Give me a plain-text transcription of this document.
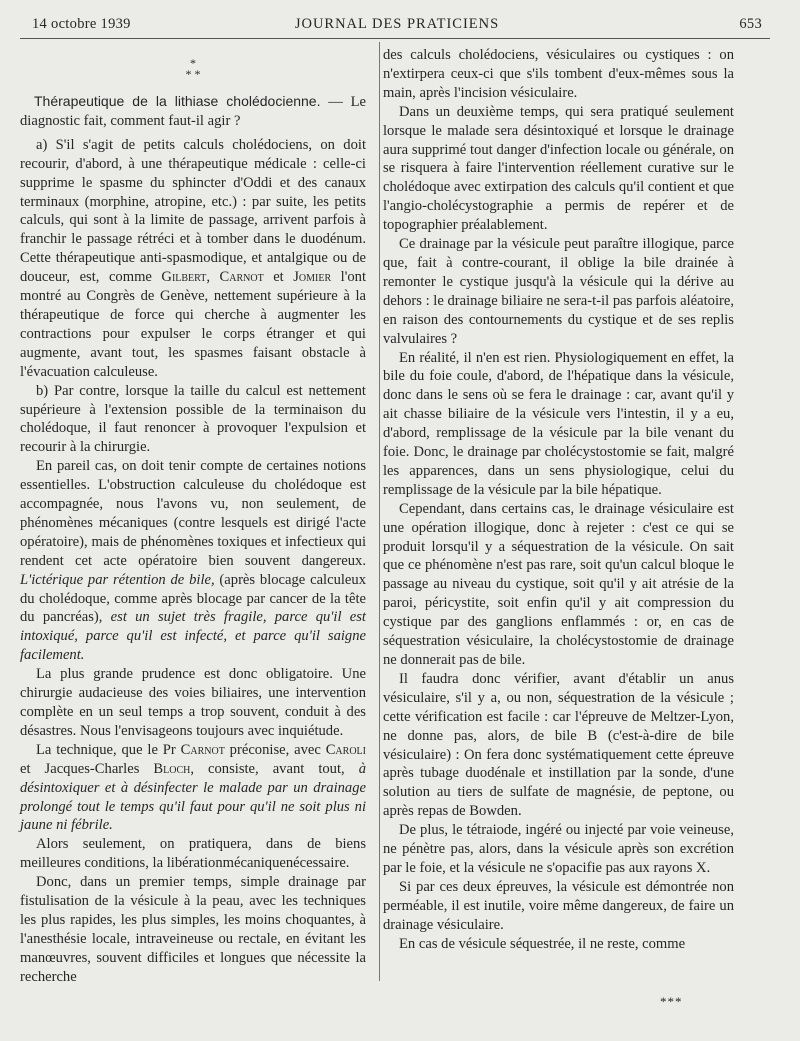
14 octobre 1939	JOURNAL DES PRATICIENS	653
*
* *

Thérapeutique de la lithiase cholédocienne. — Le diagnostic fait, comment faut-il agir ?

a) S'il s'agit de petits calculs cholédociens, on doit recourir, d'abord, à une thérapeutique médicale : celle-ci supprime le spasme du sphincter d'Oddi et des canaux terminaux (morphine, atropine, etc.) : par suite, les petits calculs, qui sont à la limite de passage, arrivent parfois à franchir le passage rétréci et à tomber dans le duodénum. Cette thérapeutique anti-spasmodique, et antalgique ou de douceur, est, comme Gilbert, Carnot et Jomier l'ont montré au Congrès de Genève, nettement supérieure à la thérapeutique de force qui cherche à augmenter les contractions pour expulser le corps étranger et qui augmente, avant tout, les spasmes faisant obstacle à l'évacuation calculeuse.

b) Par contre, lorsque la taille du calcul est nettement supérieure à l'extension possible de la terminaison du cholédoque, il faut renoncer à provoquer l'expulsion et recourir à la chirurgie.

En pareil cas, on doit tenir compte de certaines notions essentielles. L'obstruction calculeuse du cholédoque est accompagnée, nous l'avons vu, non seulement, de phénomènes mécaniques (contre lesquels est dirigé l'acte opératoire), mais de phénomènes toxiques et infectieux qui rendent cet acte opératoire bien souvent dangereux. L'ictérique par rétention de bile, (après blocage calculeux du cholédoque, comme après blocage par cancer de la tête du pancréas), est un sujet très fragile, parce qu'il est intoxiqué, parce qu'il est infecté, et parce qu'il saigne facilement.

La plus grande prudence est donc obligatoire. Une chirurgie audacieuse des voies biliaires, une intervention complète en un seul temps a trop souvent, conduit à des désastres. Nous l'envisageons toujours avec inquiétude.

La technique, que le Pr Carnot préconise, avec Caroli et Jacques-Charles Bloch, consiste, avant tout, à désintoxiquer et à désinfecter le malade par un drainage prolongé tout le temps qu'il faut pour qu'il ne soit plus ni jaune ni fébrile.

Alors seulement, on pratiquera, dans de biens meilleures conditions, la libérationmécaniquenécessaire.

Donc, dans un premier temps, simple drainage par fistulisation de la vésicule à la peau, avec les techniques les plus rapides, les plus simples, les moins choquantes, à l'anesthésie locale, intraveineuse ou rectale, en évitant les manœuvres, souvent difficiles et longues que nécessite la recherche

des calculs cholédociens, vésiculaires ou cystiques : on n'extirpera ceux-ci que s'ils tombent d'eux-mêmes sous la main, après l'incision vésiculaire.

Dans un deuxième temps, qui sera pratiqué seulement lorsque le malade sera désintoxiqué et lorsque le drainage aura supprimé tout danger d'infection locale ou générale, on se risquera à faire l'intervention réellement curative sur le cholédoque avec extirpation des calculs qu'il contient et que l'angio-cholécystographie a permis de repérer et de topographier préalablement.

Ce drainage par la vésicule peut paraître illogique, parce que, fait à contre-courant, il oblige la bile drainée à remonter le cystique jusqu'à la vésicule qui la dérive au dehors : le drainage biliaire ne sera-t-il pas parfois aléatoire, en raison des contournements du cystique et de ses replis valvulaires ?

En réalité, il n'en est rien. Physiologiquement en effet, la bile du foie coule, d'abord, de l'hépatique dans la vésicule, donc dans le sens où se fera le drainage : car, avant qu'il y ait chasse biliaire de la vésicule vers l'intestin, il y a eu, d'abord, remplissage de la vésicule par la bile venant du foie. Donc, le drainage par cholécystostomie se fait, malgré les apparences, dans un sens physiologique, celui du remplissage de la vésicule par la bile hépatique.

Cependant, dans certains cas, le drainage vésiculaire est une opération illogique, donc à rejeter : c'est ce qui se produit lorsqu'il y a séquestration de la vésicule. On sait que ce phénomène n'est pas rare, soit qu'un calcul bloque le passage au niveau du cystique, soit qu'il y ait atrésie de la paroi, péricystite, soit enfin qu'il y ait compression du cystique par des ganglions enflammés : or, en cas de séquestration vésiculaire, la cholécystostomie de drainage ne donnerait pas de bile.

Il faudra donc vérifier, avant d'établir un anus vésiculaire, s'il y a, ou non, séquestration de la vésicule ; cette vérification est facile : car l'épreuve de Meltzer-Lyon, ne donne pas, alors, de bile B (c'est-à-dire de bile vésiculaire) : On fera donc systématiquement cette épreuve après tubage duodénale et instillation par la sonde, d'une solution au tiers de sulfate de magnésie, de peptone, ou après repas de Bowden.

De plus, le tétraiode, ingéré ou injecté par voie veineuse, ne pénètre pas, alors, dans la vésicule après son excrétion par le foie, et la vésicule ne s'opacifie pas aux rayons X.

Si par ces deux épreuves, la vésicule est démontrée non perméable, il est inutile, voire même dangereux, de faire un drainage vésiculaire.

En cas de vésicule séquestrée, il ne reste, comme

***
